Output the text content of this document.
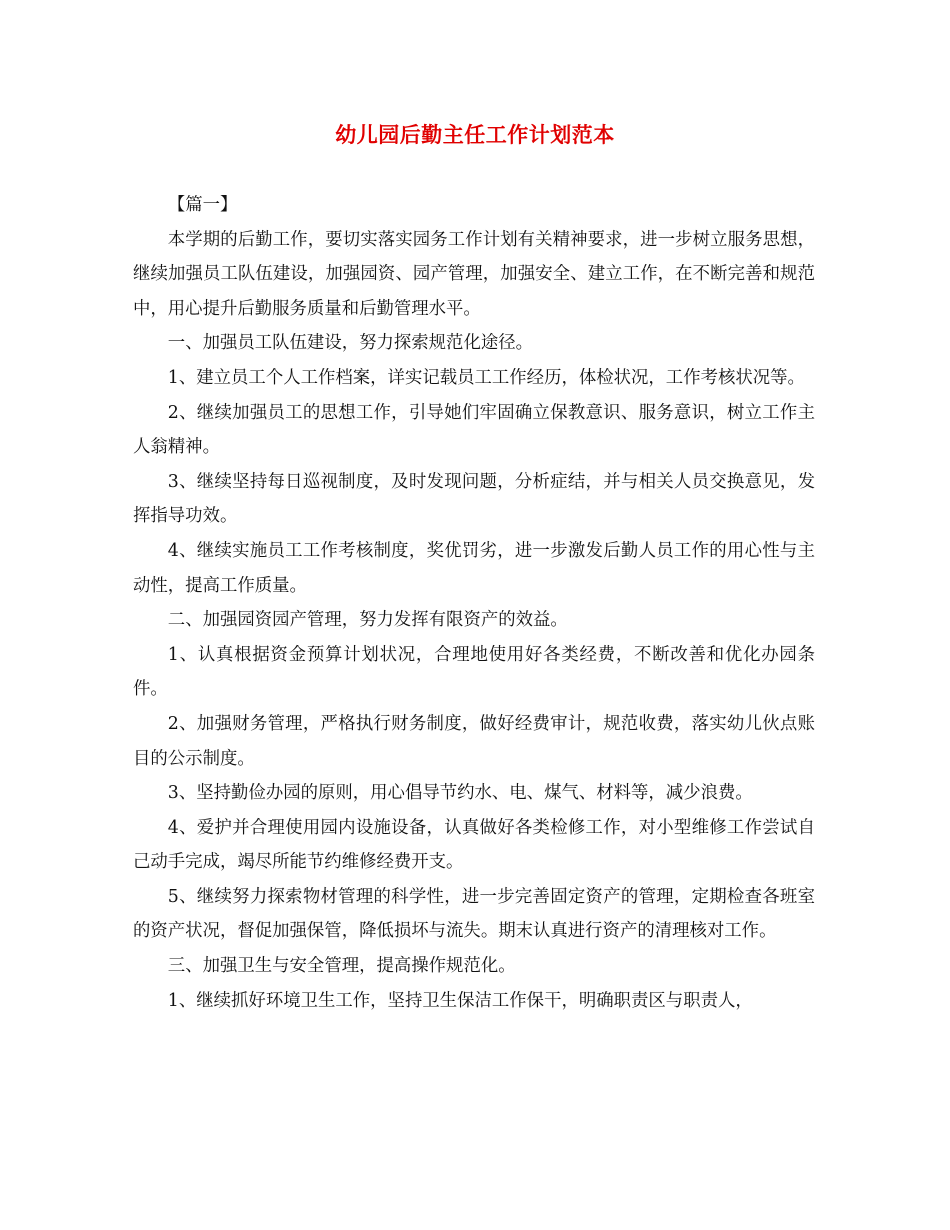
幼儿园后勤主任工作计划范本

【篇一】

本学期的后勤工作，要切实落实园务工作计划有关精神要求，进一步树立服务思想，继续加强员工队伍建设，加强园资、园产管理，加强安全、建立工作，在不断完善和规范中，用心提升后勤服务质量和后勤管理水平。

一、加强员工队伍建设，努力探索规范化途径。

1、建立员工个人工作档案，详实记载员工工作经历，体检状况，工作考核状况等。

2、继续加强员工的思想工作，引导她们牢固确立保教意识、服务意识，树立工作主人翁精神。

3、继续坚持每日巡视制度，及时发现问题，分析症结，并与相关人员交换意见，发挥指导功效。

4、继续实施员工工作考核制度，奖优罚劣，进一步激发后勤人员工作的用心性与主动性，提高工作质量。

二、加强园资园产管理，努力发挥有限资产的效益。

1、认真根据资金预算计划状况，合理地使用好各类经费，不断改善和优化办园条件。

2、加强财务管理，严格执行财务制度，做好经费审计，规范收费，落实幼儿伙点账目的公示制度。

3、坚持勤俭办园的原则，用心倡导节约水、电、煤气、材料等，减少浪费。

4、爱护并合理使用园内设施设备，认真做好各类检修工作，对小型维修工作尝试自己动手完成，竭尽所能节约维修经费开支。

5、继续努力探索物材管理的科学性，进一步完善固定资产的管理，定期检查各班室的资产状况，督促加强保管，降低损坏与流失。期末认真进行资产的清理核对工作。

三、加强卫生与安全管理，提高操作规范化。

1、继续抓好环境卫生工作，坚持卫生保洁工作保干，明确职责区与职责人，
